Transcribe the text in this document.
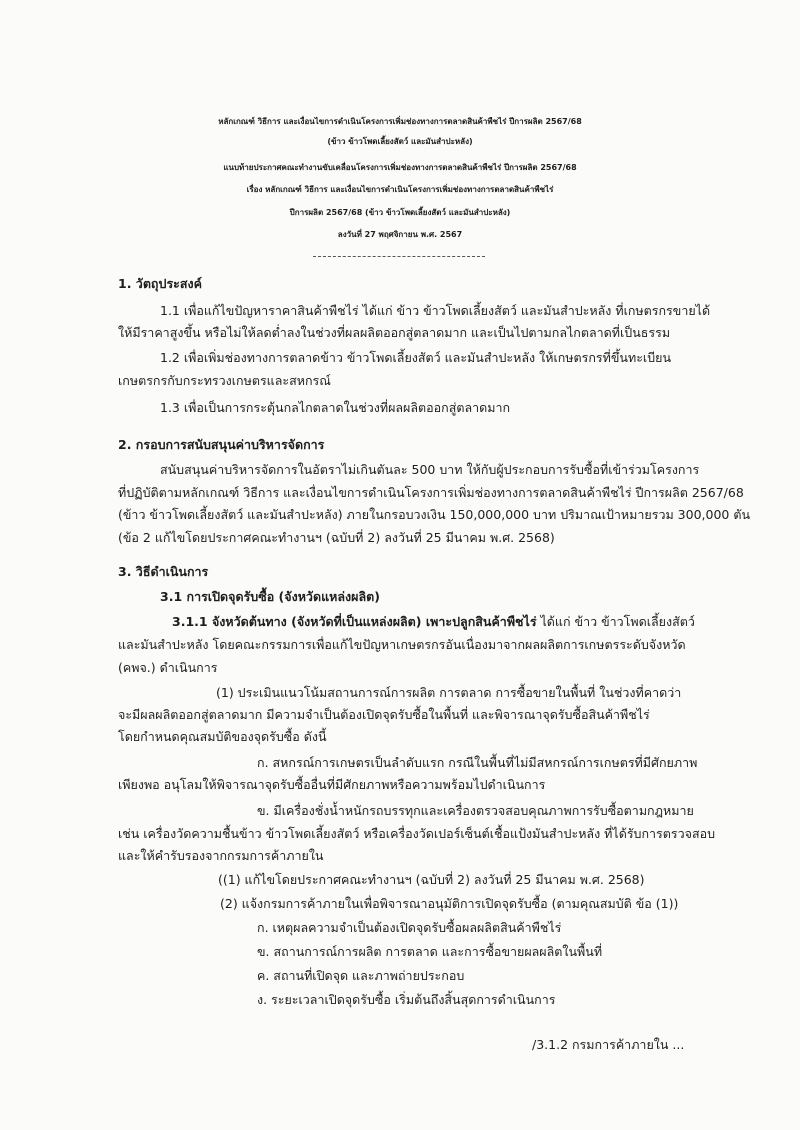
หลักเกณฑ์ วิธีการ และเงื่อนไขการดำเนินโครงการเพิ่มช่องทางการตลาดสินค้าพืชไร่ ปีการผลิต 2567/68
(ข้าว ข้าวโพดเลี้ยงสัตว์ และมันสำปะหลัง)
แนบท้ายประกาศคณะทำงานขับเคลื่อนโครงการเพิ่มช่องทางการตลาดสินค้าพืชไร่ ปีการผลิต 2567/68
เรื่อง หลักเกณฑ์ วิธีการ และเงื่อนไขการดำเนินโครงการเพิ่มช่องทางการตลาดสินค้าพืชไร่
ปีการผลิต 2567/68 (ข้าว ข้าวโพดเลี้ยงสัตว์ และมันสำปะหลัง)
ลงวันที่ 27 พฤศจิกายน พ.ศ. 2567
1. วัตถุประสงค์
1.1 เพื่อแก้ไขปัญหาราคาสินค้าพืชไร่ ได้แก่ ข้าว ข้าวโพดเลี้ยงสัตว์ และมันสำปะหลัง ที่เกษตรกรขายได้
ให้มีราคาสูงขึ้น หรือไม่ให้ลดต่ำลงในช่วงที่ผลผลิตออกสู่ตลาดมาก และเป็นไปตามกลไกตลาดที่เป็นธรรม
1.2 เพื่อเพิ่มช่องทางการตลาดข้าว ข้าวโพดเลี้ยงสัตว์ และมันสำปะหลัง ให้เกษตรกรที่ขึ้นทะเบียน
เกษตรกรกับกระทรวงเกษตรและสหกรณ์
1.3 เพื่อเป็นการกระตุ้นกลไกตลาดในช่วงที่ผลผลิตออกสู่ตลาดมาก
2. กรอบการสนับสนุนค่าบริหารจัดการ
สนับสนุนค่าบริหารจัดการในอัตราไม่เกินตันละ 500 บาท ให้กับผู้ประกอบการรับซื้อที่เข้าร่วมโครงการ
ที่ปฏิบัติตามหลักเกณฑ์ วิธีการ และเงื่อนไขการดำเนินโครงการเพิ่มช่องทางการตลาดสินค้าพืชไร่ ปีการผลิต 2567/68
(ข้าว ข้าวโพดเลี้ยงสัตว์ และมันสำปะหลัง) ภายในกรอบวงเงิน 150,000,000 บาท ปริมาณเป้าหมายรวม 300,000 ตัน
(ข้อ 2 แก้ไขโดยประกาศคณะทำงานฯ (ฉบับที่ 2) ลงวันที่ 25 มีนาคม พ.ศ. 2568)
3. วิธีดำเนินการ
3.1 การเปิดจุดรับซื้อ (จังหวัดแหล่งผลิต)
3.1.1 จังหวัดต้นทาง (จังหวัดที่เป็นแหล่งผลิต) เพาะปลูกสินค้าพืชไร่ ได้แก่ ข้าว ข้าวโพดเลี้ยงสัตว์
และมันสำปะหลัง โดยคณะกรรมการเพื่อแก้ไขปัญหาเกษตรกรอันเนื่องมาจากผลผลิตการเกษตรระดับจังหวัด
(คพจ.) ดำเนินการ
(1) ประเมินแนวโน้มสถานการณ์การผลิต การตลาด การซื้อขายในพื้นที่ ในช่วงที่คาดว่า
จะมีผลผลิตออกสู่ตลาดมาก มีความจำเป็นต้องเปิดจุดรับซื้อในพื้นที่ และพิจารณาจุดรับซื้อสินค้าพืชไร่
โดยกำหนดคุณสมบัติของจุดรับซื้อ ดังนี้
ก. สหกรณ์การเกษตรเป็นลำดับแรก กรณีในพื้นที่ไม่มีสหกรณ์การเกษตรที่มีศักยภาพ
เพียงพอ อนุโลมให้พิจารณาจุดรับซื้ออื่นที่มีศักยภาพหรือความพร้อมไปดำเนินการ
ข. มีเครื่องชั่งน้ำหนักรถบรรทุกและเครื่องตรวจสอบคุณภาพการรับซื้อตามกฎหมาย
เช่น เครื่องวัดความชื้นข้าว ข้าวโพดเลี้ยงสัตว์ หรือเครื่องวัดเปอร์เซ็นต์เชื้อแป้งมันสำปะหลัง ที่ได้รับการตรวจสอบ
และให้คำรับรองจากกรมการค้าภายใน
((1) แก้ไขโดยประกาศคณะทำงานฯ (ฉบับที่ 2) ลงวันที่ 25 มีนาคม พ.ศ. 2568)
(2) แจ้งกรมการค้าภายในเพื่อพิจารณาอนุมัติการเปิดจุดรับซื้อ (ตามคุณสมบัติ ข้อ (1))
ก. เหตุผลความจำเป็นต้องเปิดจุดรับซื้อผลผลิตสินค้าพืชไร่
ข. สถานการณ์การผลิต การตลาด และการซื้อขายผลผลิตในพื้นที่
ค. สถานที่เปิดจุด และภาพถ่ายประกอบ
ง. ระยะเวลาเปิดจุดรับซื้อ เริ่มต้นถึงสิ้นสุดการดำเนินการ
/3.1.2 กรมการค้าภายใน ...
